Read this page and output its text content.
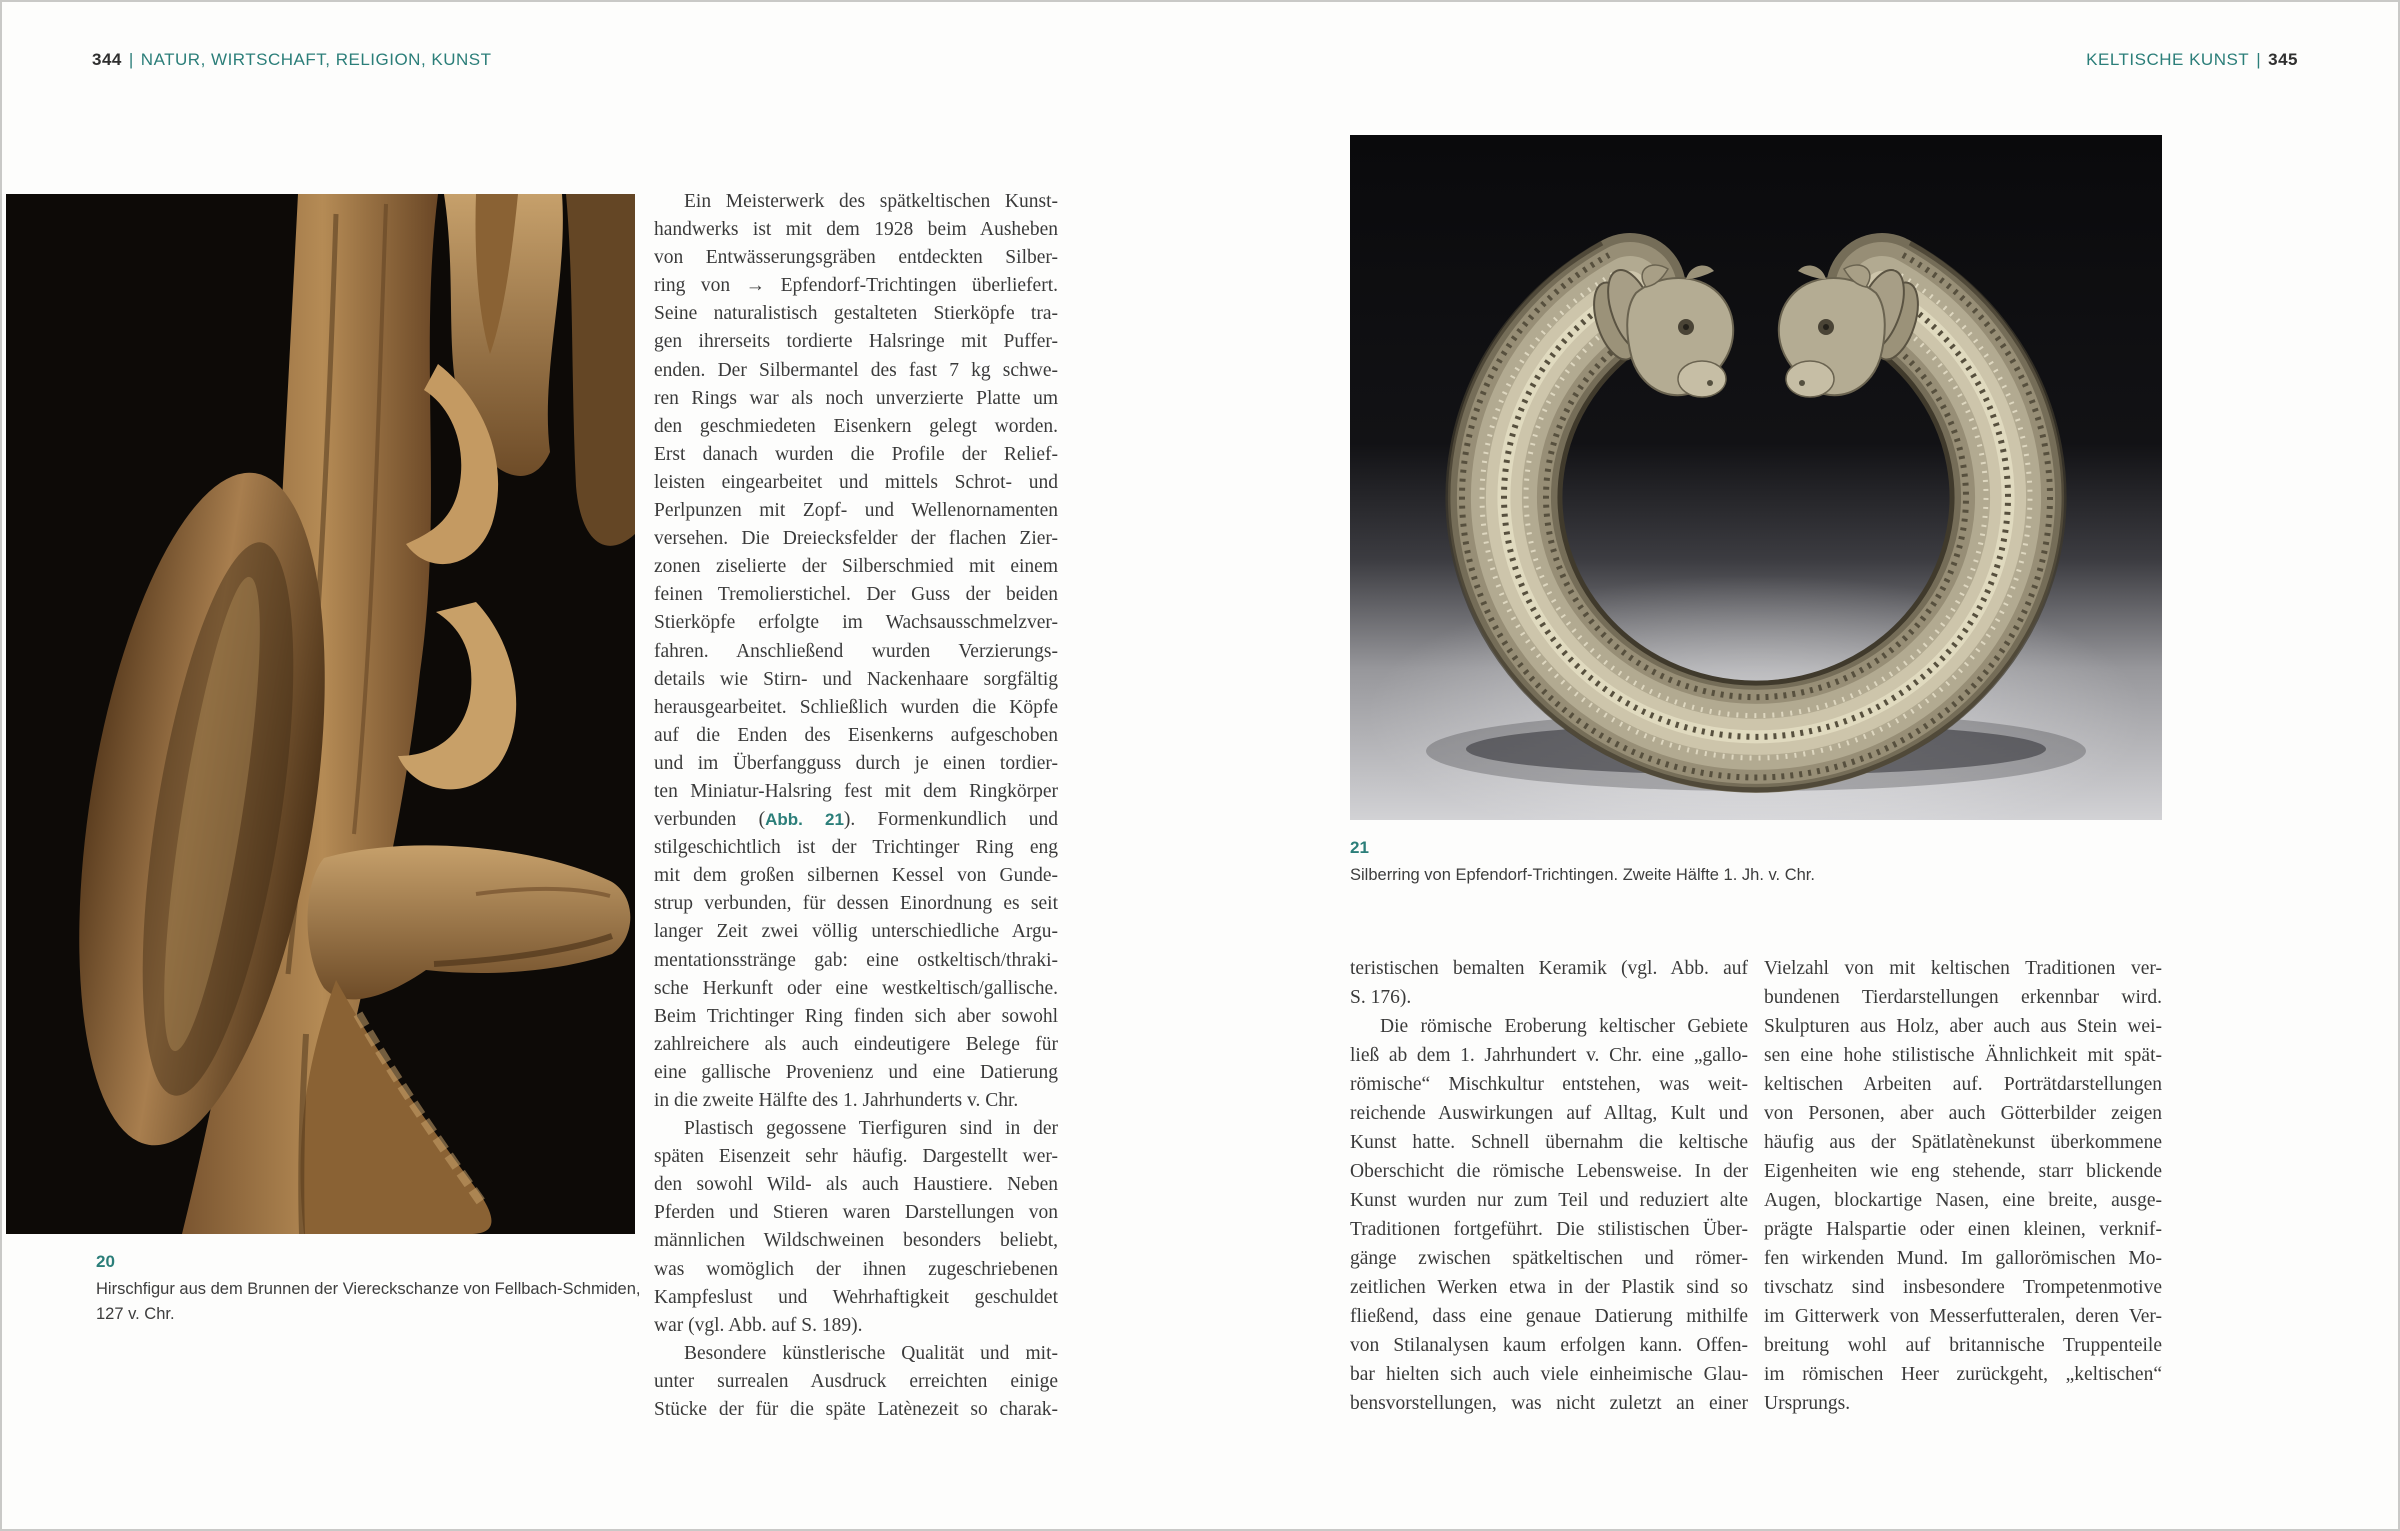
344 | NATUR, WIRTSCHAFT, RELIGION, KUNST	KELTISCHE KUNST | 345
20
Hirschfigur aus dem Brunnen der Viereckschanze von Fellbach-Schmiden,
127 v. Chr.
Ein Meisterwerk des spätkeltischen Kunst-
handwerks ist mit dem 1928 beim Ausheben
von Entwässerungsgräben entdeckten Silber-
ring von → Epfendorf-Trichtingen überliefert.
Seine naturalistisch gestalteten Stierköpfe tra-
gen ihrerseits tordierte Halsringe mit Puffer-
enden. Der Silbermantel des fast 7 kg schwe-
ren Rings war als noch unverzierte Platte um
den geschmiedeten Eisenkern gelegt worden.
Erst danach wurden die Profile der Relief-
leisten eingearbeitet und mittels Schrot- und
Perlpunzen mit Zopf- und Wellenornamenten
versehen. Die Dreiecksfelder der flachen Zier-
zonen ziselierte der Silberschmied mit einem
feinen Tremolierstichel. Der Guss der beiden
Stierköpfe erfolgte im Wachsausschmelzver-
fahren. Anschließend wurden Verzierungs-
details wie Stirn- und Nackenhaare sorgfältig
herausgearbeitet. Schließlich wurden die Köpfe
auf die Enden des Eisenkerns aufgeschoben
und im Überfangguss durch je einen tordier-
ten Miniatur-Halsring fest mit dem Ringkörper
verbunden (Abb. 21). Formenkundlich und
stilgeschichtlich ist der Trichtinger Ring eng
mit dem großen silbernen Kessel von Gunde-
strup verbunden, für dessen Einordnung es seit
langer Zeit zwei völlig unterschiedliche Argu-
mentationsstränge gab: eine ostkeltisch/thraki-
sche Herkunft oder eine westkeltisch/gallische.
Beim Trichtinger Ring finden sich aber sowohl
zahlreichere als auch eindeutigere Belege für
eine gallische Provenienz und eine Datierung
in die zweite Hälfte des 1. Jahrhunderts v. Chr.
Plastisch gegossene Tierfiguren sind in der
späten Eisenzeit sehr häufig. Dargestellt wer-
den sowohl Wild- als auch Haustiere. Neben
Pferden und Stieren waren Darstellungen von
männlichen Wildschweinen besonders beliebt,
was womöglich der ihnen zugeschriebenen
Kampfeslust und Wehrhaftigkeit geschuldet
war (vgl. Abb. auf S. 189).
Besondere künstlerische Qualität und mit-
unter surrealen Ausdruck erreichten einige
Stücke der für die späte Latènezeit so charak-
21
Silberring von Epfendorf-Trichtingen. Zweite Hälfte 1. Jh. v. Chr.
teristischen bemalten Keramik (vgl. Abb. auf
S. 176).
Die römische Eroberung keltischer Gebiete
ließ ab dem 1. Jahrhundert v. Chr. eine „gallo-
römische“ Mischkultur entstehen, was weit-
reichende Auswirkungen auf Alltag, Kult und
Kunst hatte. Schnell übernahm die keltische
Oberschicht die römische Lebensweise. In der
Kunst wurden nur zum Teil und reduziert alte
Traditionen fortgeführt. Die stilistischen Über-
gänge zwischen spätkeltischen und römer-
zeitlichen Werken etwa in der Plastik sind so
fließend, dass eine genaue Datierung mithilfe
von Stilanalysen kaum erfolgen kann. Offen-
bar hielten sich auch viele einheimische Glau-
bensvorstellungen, was nicht zuletzt an einer
Vielzahl von mit keltischen Traditionen ver-
bundenen Tierdarstellungen erkennbar wird.
Skulpturen aus Holz, aber auch aus Stein wei-
sen eine hohe stilistische Ähnlichkeit mit spät-
keltischen Arbeiten auf. Porträtdarstellungen
von Personen, aber auch Götterbilder zeigen
häufig aus der Spätlatènekunst überkommene
Eigenheiten wie eng stehende, starr blickende
Augen, blockartige Nasen, eine breite, ausge-
prägte Halspartie oder einen kleinen, verknif-
fen wirkenden Mund. Im gallorömischen Mo-
tivschatz sind insbesondere Trompetenmotive
im Gitterwerk von Messerfutteralen, deren Ver-
breitung wohl auf britannische Truppenteile
im römischen Heer zurückgeht, „keltischen“
Ursprungs.
